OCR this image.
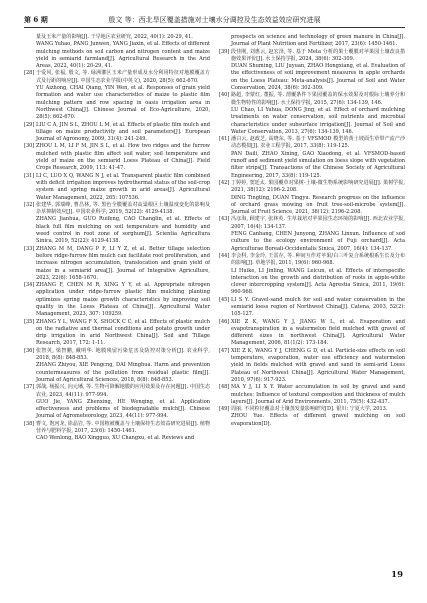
第 6 期	殷文 等：西北旱区覆盖措施对土壤水分调控及生态效益效应研究进展
量及玉米产量的影响[J]. 干旱地区农业研究, 2022, 40(1): 20-29, 41.
WANG Yuhao, PANG Junwen, YANG Jiaxin, et al. Effects of different mulching methods on soil carbon and nitrogen content and maize yield in semiarid farmland[J]. Agricultural Research in the Arid Areas, 2022, 40(1): 20-29, 41.
[28] 于爱风, 张福, 殷文, 等. 绿洲灌区玉米产量形成及水分利用特征对地膜覆盖方式及行距的响应[J]. 中国生态农业学报(中英文), 2020, 28(5): 662-670.
YU Aizhong, CHAI Qiang, YIN Wen, et al. Responses of grain yield formation and water use characteristics of maize to plastic film mulching pattern and row spacing in oasis irrigation area in Northwest China[J]. Chinese Journal of Eco-Agriculture, 2020, 28(5): 662-670.
[29] LIU C A, JIN S L, ZHOU L M, et al. Effects of plastic film mulch and tillage on maize productivity and soil parameters[J]. European Journal of Agronomy, 2009, 31(4): 241-249.
[30] ZHOU L M, LI F M, JIN S L, et al. How two ridges and the furrow mulched with plastic film affect soil water, soil temperature and yield of maize on the semiarid Loess Plateau of China[J]. Field Crops Research, 2009, 113: 41-47.
[31] LI C, LUO X Q, WANG N J, et al. Transparent plastic film combined with deficit irrigation improves hydrothermal status of the soil-crop system and spring maize growth in arid areas[J]. Agricultural Water Management, 2022, 265: 107536.
[32] 张建华, 郭瑞峰, 曹昌林, 等. 黑色全膜覆盖对高粱根区土壤温度变化的影响及杂草抑制效应[J]. 中国农业科学, 2019, 52(22): 4129-4138.
ZHANG Jianhua, GUO Ruifeng, CAO Changlin, et al. Effects of black full film mulching on soil temperature and humidity and weed control in root zone of sorghum[J]. Scientia Agricultura Sinica, 2019, 52(22): 4129-4138.
[33] ZHANG M M, DANG P F, LI Y Z, et al. Better tillage selection before ridge-furrow film mulch can facilitate root proliferation, and increase nitrogen accumulation, translocation and grain yield of maize in a semiarid area[J]. Journal of Integrative Agriculture, 2023, 22(6): 1658-1670.
[34] ZHANG F, CHEN M R, XING Y Y, et al. Appropriate nitrogen application under ridge-furrow plastic film mulching planting optimizes spring maize growth characteristics by improving soil quality in the Loess Plateau of China[J]. Agricultural Water Management, 2023, 307: 109259.
[35] ZHANG Y L, WANG F X, SHOCK C C, et al. Effects of plastic mulch on the radiative and thermal conditions and potato growth under drip irrigation in arid Northwest China[J]. Soil and Tillage Research, 2017, 172: 1-11.
[36] 张智英, 梁智鹏, 戴明华. 地膜残留污染危害及防控对策分析[J]. 农业科学, 2018, 8(8): 848-853.
ZHANG Zhiyou, XIE Pengcng, DAI Minghua. Harm and prevention countermeasures of the pollution from residual plastic film[J]. Journal of Agricultural Sciences, 2018, 8(8): 848-853.
[37] 郭战, 杨振兴, 向元璠, 等. 生物可降解地膜的应用效果及存在问题[J]. 中国生态农业, 2023, 44(11): 977-994.
GUO Jie, YANG Zhenxing, HE Wenqing, et al. Application effectiveness and problems of biodegradable mulch[J]. Chinese Journal of Agrometeorology, 2023, 44(11): 977-994.
[38] 曹文, 饱河龙, 徐晶岩, 等. 中国植被覆盖与土壤保持生态效益研究进展[J]. 植物营养与肥料学报, 2017, 23(6): 1450-1461.
CAO Wenlong, BAO Xingguo, XU Changxu, et al. Reviews and
prospects on science and technology of green manure in China[J]. Journal of Plant Nutrition and Fertilizer, 2017, 23(6): 1450-1461.
[39] 段佳刚, 刘惠云, 赵宏泽, 等. 基于 Meta 分析的果土覆膜对苹果园土壤改良措施效果评价[J]. 水土保持学报, 2024, 38(6): 302-309.
DUAN Shuming, LIU Juyuan, ZHAO Hongxiang, et al. Evaluation of the effectiveness of soil improvement measures in apple orchards on the Loess Plateau: Meta-analysis[J]. Journal of Soil and Water Conservation, 2024, 38(6): 302-309.
[40] 路超, 李蒙红, 董振, 等. 渭覆条件下果园覆盖的保水效果及对根际土壤养分和微生物特性的影响[J]. 水土保持学报, 2015, 27(6): 134-139, 146.
LU Chao, LI Yuhua, DONG Jing, et al. Effect of orchard mulching treatments on water conservation, soil nutrients and microbial characteristics under subsurface irrigation[J]. Journal of Soil and Water Conservation, 2013, 27(6): 134-139, 146.
[41] 潘白云, 赵政芝, 高晓东, 等. 基于 VFSMOD 模型的黄土坡面生草带产流产沙动态模拟[J]. 农业工程学报, 2017, 33(8): 119-125.
PAN Daili, ZHAO Xining, GAO Xiaodong, et al. VFSMOD-based runoff and sediment yield simulation on loess slope with vegetation filter strips[J]. Transactions of the Chinese Society of Agricultural Engineering, 2017, 33(8): 119-125.
[42] 丁婷婷, 窦廷太. 果园覆草对果树-土壤-微生物系统影响研究进展[J]. 果树学报, 2021, 38(12): 2196-2.208.
DING Tingting, DUAN Tingyu. Research progress on the influence of orchard grass mowing on fruit tree-soil-microbe system[J]. Journal of Fruit Science, 2021, 38(12): 2196-2.208.
[43] 冯彦海, 顾建宇, 张林英. 生草栽培对苹果园生态环境的影响[J]. 西北农业学报, 2007, 16(4): 134-137.
FENG Canhang, CHEN Junyong, ZHANG Linxun. Influence of sod culture to the ecology environment of Fuji orchard[J]. Acta Agriculturae Boreali-Occidentalis Sinica, 2007, 16(4): 134-137.
[44] 李会科, 李金玲, 王雷存, 等. 种间互作对苹果/白三叶复合系统根系生长及分布的影响[J]. 草地学报, 2011, 19(6): 960-968.
LI Huike, LI Jinling, WANG Leicun, et al. Effects of interspecific interaction on the growth and distribution of roots in apple-white clover intercropping system[J]. Acta Agrestia Sinica, 2011, 19(6): 960-968.
[45] LI S Y. Gravel-sand mulch for soil and water conservation in the semiarid loess region of Northwest China[J]. Catena, 2003, 52(2): 105-127.
[46] XIE Z K, WANG Y J, JIANG W L, et al. Evaporation and evapotranspiration in a watermelon field mulched with gravel of different sizes in northwest China[J]. Agricultural Water Management, 2006, 81(1/2): 173-184.
[47] XIE Z K, WANG Y J, CHENG G D, et al. Particle-size effects on soil temperature, evaporation, water use efficiency and watermelon yield in fields mulched with gravel and sand in semi-arid Loess Plateau of Northwest China[J]. Agricultural Water Management, 2010, 97(6): 917-923.
[48] MA Y J, LI X Y. Water accumulation in soil by gravel and sand mulches: Influence of textural composition and thickness of mulch layers[J]. Journal of Arid Environments, 2011, 75(5): 432-437.
[49] 周丽. 不同粒径覆盖对土壤蒸发量影响研究[D]. 银川: 宁夏大学, 2013.
ZHOU Yue. Effects of different gravel mulching on soil evaporation[D].
19
